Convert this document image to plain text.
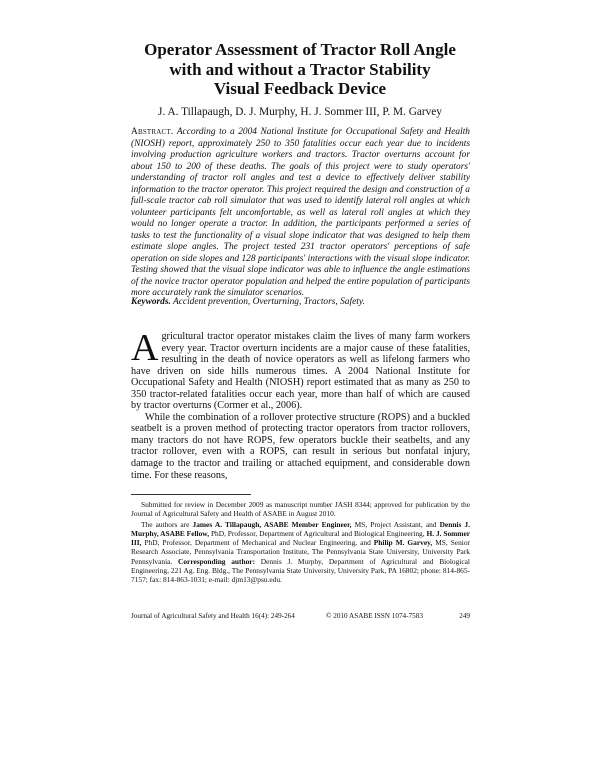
Operator Assessment of Tractor Roll Angle
with and without a Tractor Stability
Visual Feedback Device
J. A. Tillapaugh, D. J. Murphy, H. J. Sommer III, P. M. Garvey
Abstract. According to a 2004 National Institute for Occupational Safety and Health (NIOSH) report, approximately 250 to 350 fatalities occur each year due to incidents involving production agriculture workers and tractors. Tractor overturns account for about 150 to 200 of these deaths. The goals of this project were to study operators' understanding of tractor roll angles and test a device to effectively deliver stability information to the tractor operator. This project required the design and construction of a full-scale tractor cab roll simulator that was used to identify lateral roll angles at which volunteer participants felt uncomfortable, as well as lateral roll angles at which they would no longer operate a tractor. In addition, the participants performed a series of tasks to test the functionality of a visual slope indicator that was designed to help them estimate slope angles. The project tested 231 tractor operators' perceptions of safe operation on side slopes and 128 participants' interactions with the visual slope indicator. Testing showed that the visual slope indicator was able to influence the angle estimations of the novice tractor operator population and helped the entire population of participants more accurately rank the simulator scenarios.
Keywords. Accident prevention, Overturning, Tractors, Safety.

Agricultural tractor operator mistakes claim the lives of many farm workers every year. Tractor overturn incidents are a major cause of these fatalities, resulting in the death of novice operators as well as lifelong farmers who have driven on side hills numerous times. A 2004 National Institute for Occupational Safety and Health (NIOSH) report estimated that as many as 250 to 350 tractor-related fatalities occur each year, more than half of which are caused by tractor overturns (Cormer et al., 2006).

While the combination of a rollover protective structure (ROPS) and a buckled seatbelt is a proven method of protecting tractor operators from tractor rollovers, many tractors do not have ROPS, few operators buckle their seatbelts, and any tractor rollover, even with a ROPS, can result in serious but nonfatal injury, damage to the tractor and trailing or attached equipment, and considerable down time. For these reasons,

Submitted for review in December 2009 as manuscript number JASH 8344; approved for publication by the Journal of Agricultural Safety and Health of ASABE in August 2010.

The authors are James A. Tillapaugh, ASABE Member Engineer, MS, Project Assistant, and Dennis J. Murphy, ASABE Fellow, PhD, Professor, Department of Agricultural and Biological Engineering, H. J. Sommer III, PhD, Professor, Department of Mechanical and Nuclear Engineering, and Philip M. Garvey, MS, Senior Research Associate, Pennsylvania Transportation Institute, The Pennsylvania State University, University Park Pennsylvania. Corresponding author: Dennis J. Murphy, Department of Agricultural and Biological Engineering, 221 Ag. Eng. Bldg., The Pennsylvania State University, University Park, PA 16802; phone: 814-865-7157; fax: 814-863-1031; e-mail: djm13@psu.edu.

Journal of Agricultural Safety and Health 16(4): 249-264	© 2010 ASABE ISSN 1074-7583	249
